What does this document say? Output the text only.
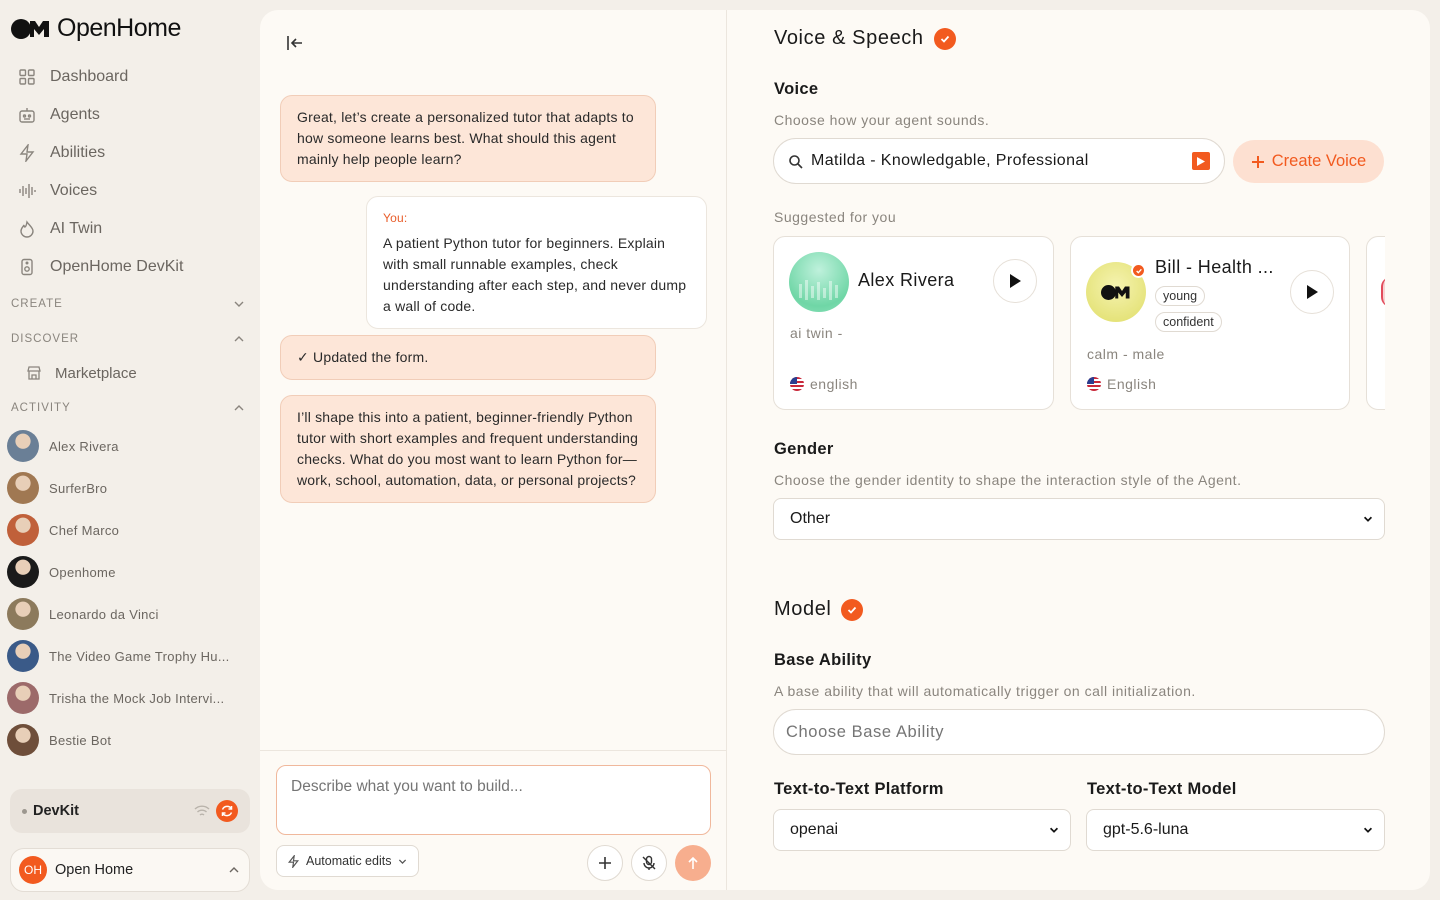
OpenHome
Dashboard
Agents
Abilities
Voices
AI Twin
OpenHome DevKit
CREATE
DISCOVER
Marketplace
ACTIVITY
Alex Rivera
SurferBro
Chef Marco
Openhome
Leonardo da Vinci
The Video Game Trophy Hu...
Trisha the Mock Job Intervi...
Bestie Bot
DevKit
OH Open Home
Great, let’s create a personalized tutor that adapts to how someone learns best. What should this agent mainly help people learn?
You:
A patient Python tutor for beginners. Explain with small runnable examples, check understanding after each step, and never dump a wall of code.
✓ Updated the form.
I’ll shape this into a patient, beginner-friendly Python tutor with short examples and frequent understanding checks. What do you most want to learn Python for—work, school, automation, data, or personal projects?
Describe what you want to build...
Automatic edits
Voice & Speech
Voice
Choose how your agent sounds.
Matilda - Knowledgable, Professional	Create Voice
Suggested for you
Alex Rivera
ai twin -
english
Bill - Health ...
young
confident
calm - male
English
Gender
Choose the gender identity to shape the interaction style of the Agent.
Other
Model
Base Ability
A base ability that will automatically trigger on call initialization.
Choose Base Ability
Text-to-Text Platform	Text-to-Text Model
openai	gpt-5.6-luna
